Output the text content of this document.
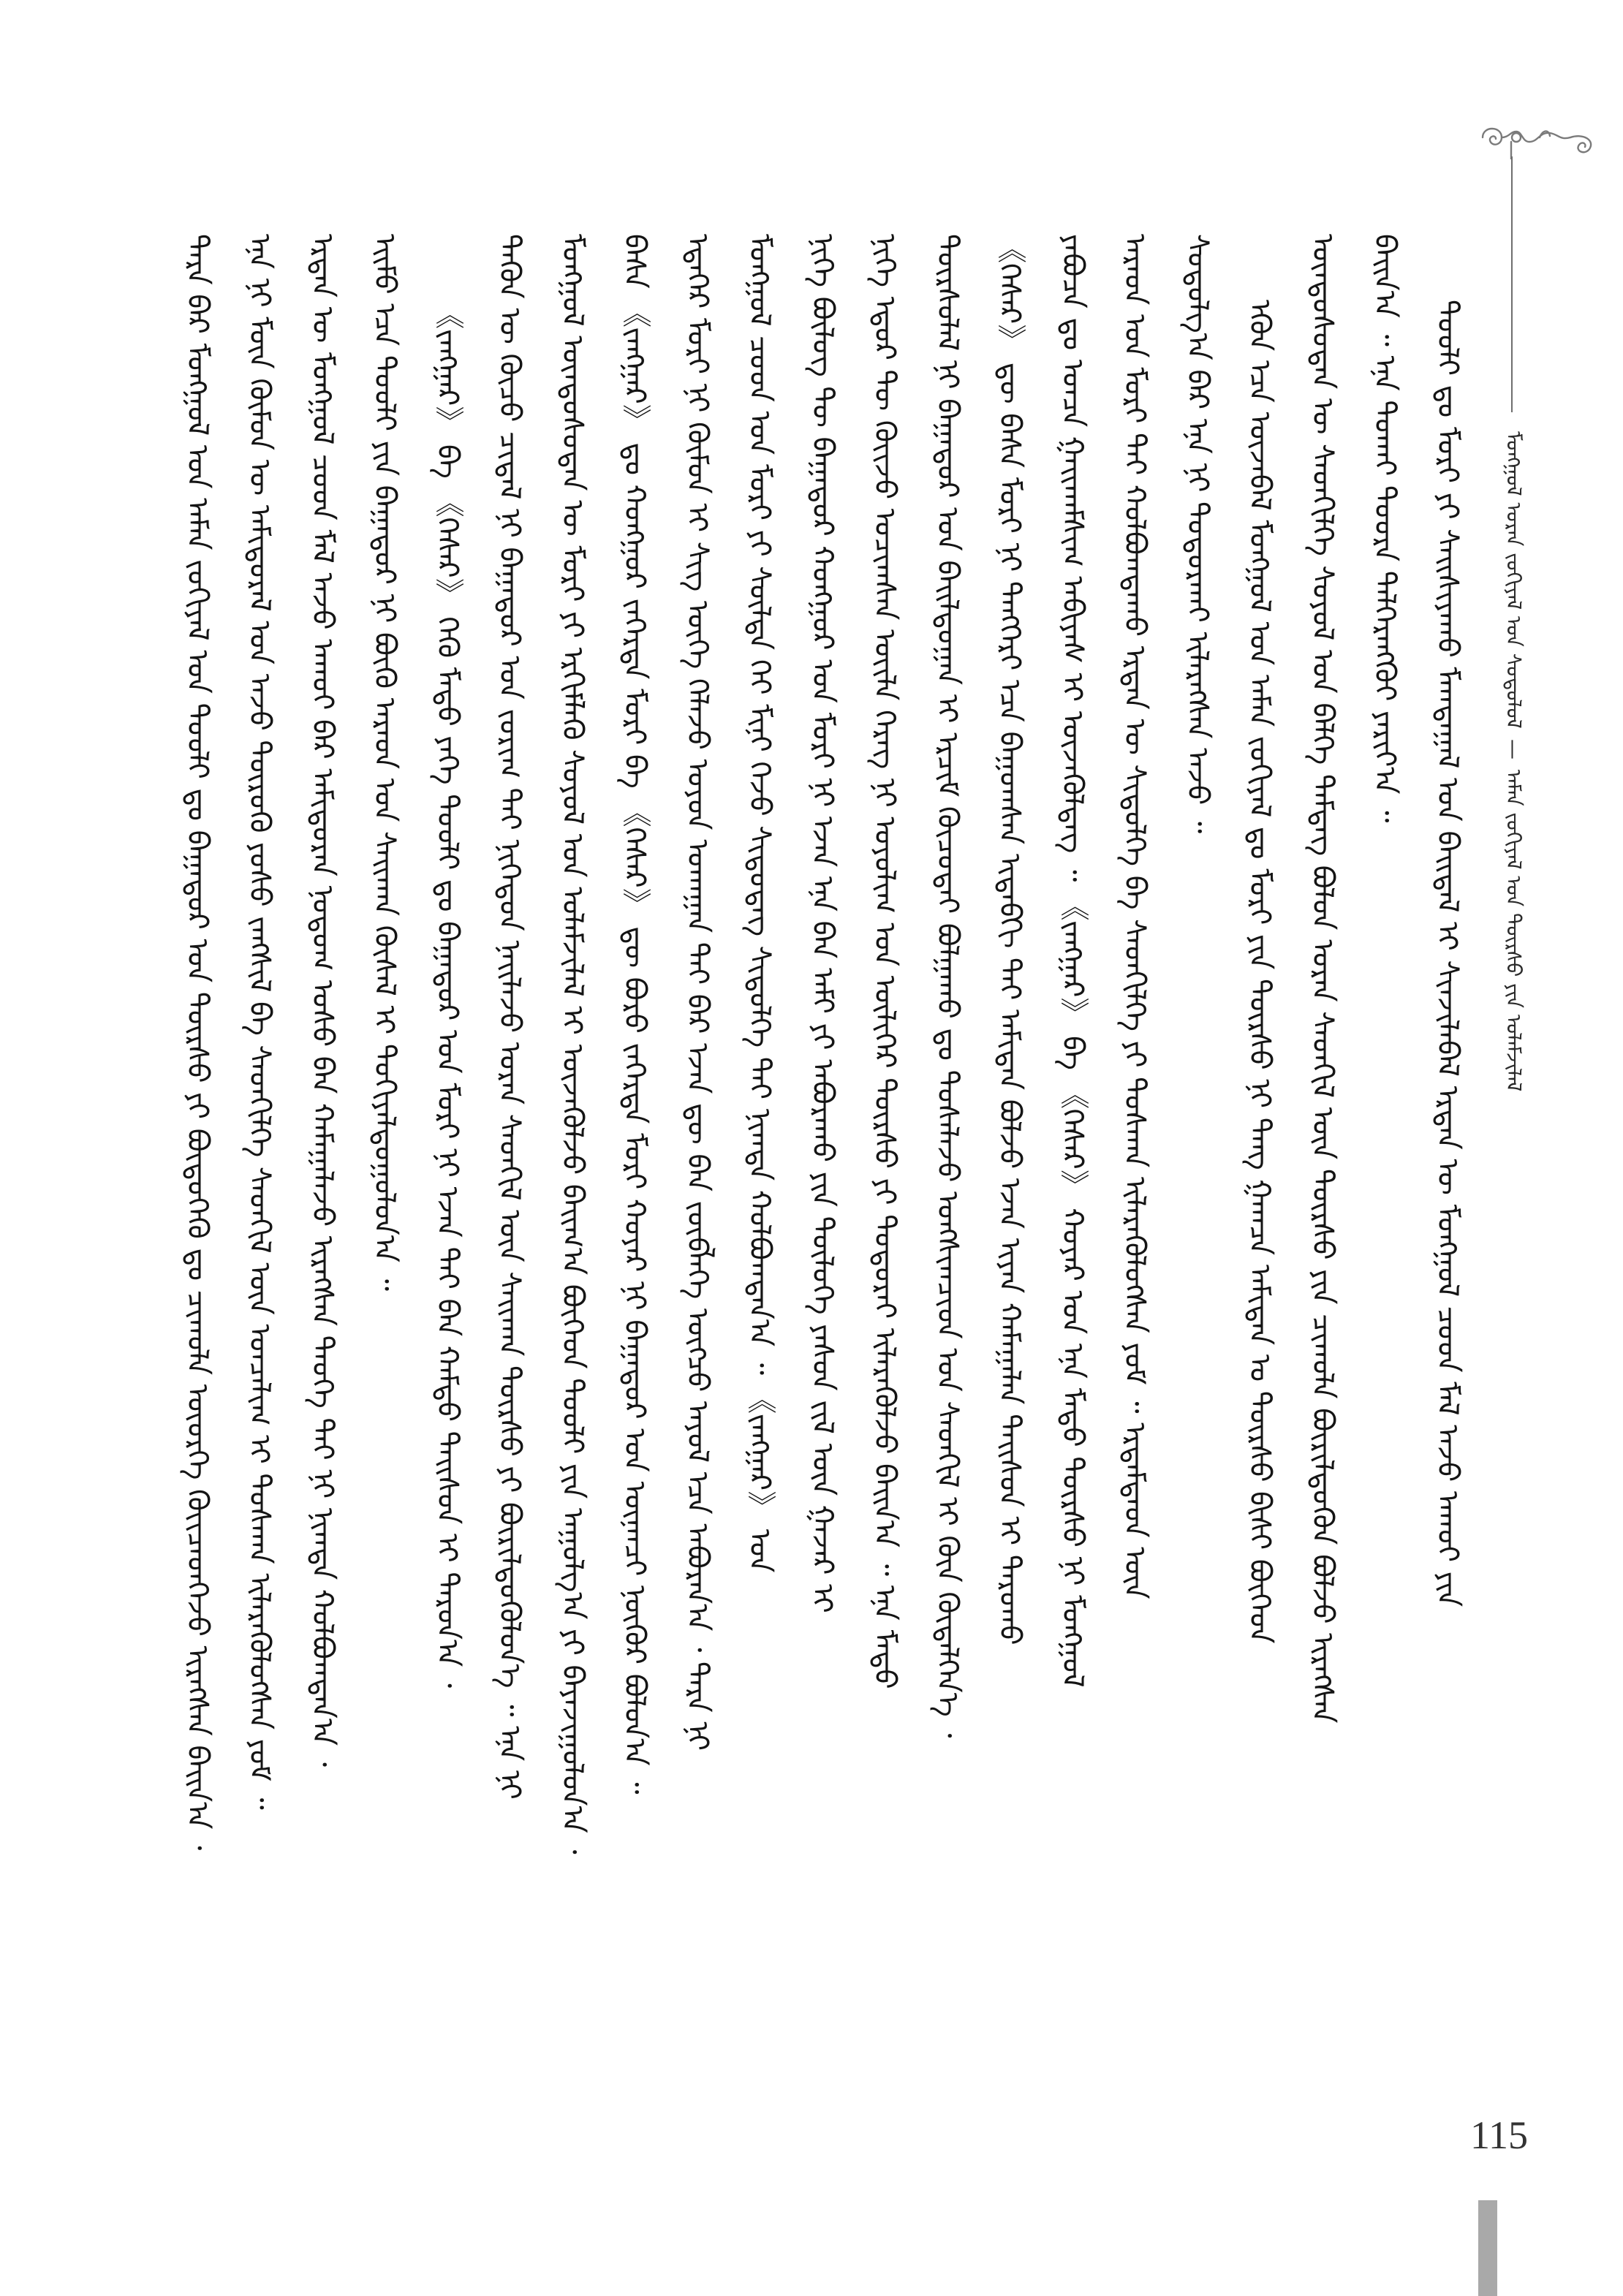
ᠮᠣᠩᠭᠣᠯ ᠤᠷᠠᠨ ᠵᠣᠬᠢᠶᠠᠯ ᠤᠨ ᠰᠤᠳᠤᠯᠤᠯ—ᠠᠮᠠᠨ ᠵᠣᠬᠢᠶᠠᠯ ᠤᠨ ᠳᠦᠷᠰᠦ ᠶᠢᠨ ᠤᠯᠠᠮᠵᠢᠯᠠᠯ
ᠲᠡᠷᠡ ᠪᠡᠷ ᠮᠣᠩᠭᠣᠯ ᠤᠨ ᠠᠮᠠᠨ ᠵᠣᠬᠢᠶᠠᠯ ᠤᠨ ᠲᠤᠤᠯᠢ ᠳᠤ ᠪᠠᠭᠠᠲᠤᠷ ᠤᠨ ᠳᠦᠷᠰᠦ ᠶᠢ ᠪᠦᠲᠦᠭᠡᠬᠦ ᠳᠤ ᠴᠢᠬᠤᠯᠠ ᠦᠦᠷᠭᠡ ᠭᠦᠢᠴᠡᠳᠬᠡᠵᠦ ᠢᠷᠡᠭᠰᠡᠨ ᠪᠠᠢᠨ᠎ᠠ ᠂ ᠡᠨᠡ ᠨᠢ ᠮᠦᠨ ᠬᠦᠮᠦᠨ ᠦ ᠠᠮᠢᠳᠤᠷᠠᠯ ᠤᠨ ᠠᠵᠤ ᠲᠦᠷᠦᠬᠦ ᠶᠣᠰᠣ ᠵᠠᠩᠱᠢᠯ ᠪᠠ ᠰᠡᠳᠬᠢᠯᠭᠡ ᠰᠡᠳᠬᠢᠯ ᠦᠨ ᠣᠨᠴᠠᠯᠢᠭ ᠢ ᠲᠤᠰᠬᠠᠨ ᠢᠯᠡᠷᠡᠭᠦᠯᠦᠭᠰᠡᠨ ᠶᠤᠮ ᠃ ᠡᠷᠲᠡᠨ ᠦ ᠮᠣᠩᠭᠣᠯ ᠴᠤᠳ ᠮᠠᠯ ᠠᠵᠤ ᠠᠬᠤᠢ ᠪᠡᠷ ᠠᠮᠢᠳᠤᠷᠠᠨ ᠨᠤᠲᠤᠭ ᠤᠰᠤ ᠪᠠᠨ ᠬᠠᠮᠠᠭᠠᠯᠠᠵᠤ ᠢᠷᠡᠭᠰᠡᠨ ᠲᠡᠦᠬᠡ ᠲᠠᠢ ᠨᠢ ᠨᠢᠭᠲᠠ ᠬᠣᠯᠪᠣᠭᠳᠠᠨ᠎ᠠ ᠂ ᠡᠢᠮᠦ ᠡᠴᠡ ᠲᠤᠤᠯᠢ ᠶᠢᠨ ᠪᠠᠭᠠᠲᠤᠷ ᠨᠢ ᠪᠦᠬᠦ ᠠᠷᠠᠳ ᠤᠨ ᠰᠠᠢᠬᠠᠨ ᠬᠦᠰᠡᠯ ᠢ ᠲᠤᠬᠢᠶᠠᠯᠳᠤᠭᠤᠯᠤᠨ᠎ᠠ ᠃ 《ᠵᠠᠩᠭᠠᠷ》 ᠪᠠ 《ᠭᠡᠰᠡᠷ》 ᠭᠡᠬᠦ ᠮᠡᠲᠦ ᠶᠡᠬᠡ ᠲᠤᠤᠯᠢ ᠳᠤ ᠪᠠᠭᠠᠲᠤᠷ ᠤᠨ ᠮᠣᠷᠢ ᠨᠢ ᠡᠵᠡᠨ ᠲᠡᠢ ᠪᠡᠨ ᠬᠠᠮᠲᠤ ᠳᠠᠢᠰᠤᠨ ᠢ ᠳᠠᠷᠤᠨ᠎ᠠ ᠂ ᠲᠡᠭᠦᠨ ᠦ ᠬᠦᠴᠦ ᠴᠢᠳᠠᠯ ᠨᠢ ᠪᠠᠭᠠᠲᠤᠷ ᠤᠨ ᠵᠣᠷᠢᠭ ᠲᠡᠢ ᠨᠢᠭᠡᠳᠦᠨ ᠨᠡᠢᠯᠡᠵᠦ ᠤᠷᠠᠨ ᠰᠡᠳᠬᠢᠯ ᠦᠨ ᠰᠠᠢᠬᠠᠨ ᠳᠦᠷᠰᠦ ᠶᠢ ᠪᠦᠷᠢᠯᠳᠦᠭᠦᠯᠦᠨ᠎ᠡ ᠃ ᠡᠨᠡ ᠨᠢ ᠮᠣᠩᠭᠣᠯ ᠦᠨᠳᠦᠰᠦᠲᠡᠨ ᠦ ᠮᠣᠷᠢ ᠶᠢ ᠡᠷᠬᠢᠮᠯᠡᠬᠦ ᠰᠣᠶᠣᠯ ᠤᠨ ᠤᠯᠠᠮᠵᠢᠯᠠᠯ ᠢ ᠦᠵᠡᠭᠦᠯᠵᠦ ᠪᠠᠢᠭ᠎ᠠ ᠪᠦᠭᠡᠳ ᠲᠤᠤᠯᠢ ᠶᠢᠨ ᠠᠭᠤᠯᠭ᠎ᠠ ᠶᠢ ᠪᠠᠶᠠᠵᠢᠭᠤᠯᠤᠨ᠎ᠠ ᠂ ᠪᠠᠰᠠ 《ᠵᠠᠩᠭᠠᠷ》 ᠳᠤ ᠬᠣᠩᠭᠤᠷ ᠵᠡᠭᠡᠷᠳᠡ ᠮᠣᠷᠢ ᠪᠠ 《ᠭᠡᠰᠡᠷ》 ᠳᠦ ᠪᠣᠷᠤ ᠵᠡᠭᠡᠷᠳᠡ ᠮᠣᠷᠢ ᠬᠣᠶᠠᠷ ᠨᠢ ᠪᠠᠭᠠᠲᠤᠷ ᠤᠨ ᠦᠨᠡᠨᠴᠢ ᠨᠥᠬᠦᠷ ᠪᠣᠯᠤᠨ᠎ᠠ ᠃ ᠡᠳᠡᠭᠡᠷ ᠮᠣᠷᠢ ᠨᠢ ᠬᠦᠮᠦᠨ ᠢ ᠰᠢᠭ ᠦᠭᠡ ᠬᠡᠯᠡᠵᠦ ᠤᠶᠤᠨ ᠤᠬᠠᠭᠠᠨ ᠲᠠᠢ ᠪᠡᠷ ᠡᠵᠡᠨ ᠳᠦ ᠪᠠᠨ ᠵᠥᠪᠯᠡᠭᠡ ᠥᠭᠴᠦ ᠠᠶᠤᠯ ᠡᠴᠡ ᠠᠪᠤᠷᠠᠨ᠎ᠠ ᠂ ᠲᠡᠷᠡ ᠨᠢ ᠮᠣᠩᠭᠣᠯ ᠴᠤᠳ ᠤᠨ ᠮᠣᠷᠢ ᠶᠢ ᠰᠦᠯᠳᠡ ᠬᠡᠢ ᠮᠢᠨᠢ ᠭᠡᠵᠦ ᠰᠢᠲᠦᠳᠡᠭ ᠰᠢᠲᠦᠯᠭᠡ ᠲᠡᠢ ᠨᠢᠭᠲᠠ ᠬᠣᠯᠪᠣᠭᠳᠠᠨ᠎ᠠ ᠃ 《ᠵᠠᠩᠭᠠᠷ》 ᠤᠨ ᠨᠢᠭᠡ ᠪᠦᠯᠦᠭ ᠲᠦ ᠪᠠᠭᠠᠲᠤᠷ ᠬᠣᠩᠭᠤᠷ ᠤᠨ ᠮᠣᠷᠢ ᠨᠢ ᠡᠵᠡᠨ ᠡᠨᠡ ᠪᠡᠨ ᠠᠮᠢ ᠶᠢ ᠠᠪᠤᠷᠠᠬᠤ ᠶᠢᠨ ᠲᠥᠯᠦᠭᠡ ᠶᠡᠰᠦᠨ ᠵᠢᠯ ᠦᠨ ᠭᠠᠵᠠᠷ ᠢ ᠨᠢᠭᠡ ᠡᠳᠦᠷ ᠲᠦ ᠭᠦᠢᠵᠦ ᠣᠴᠢᠭᠰᠠᠨ ᠦᠢᠯᠡ ᠬᠡᠷᠡᠭ ᠨᠢ ᠤᠶᠤᠯᠢᠭ ᠤᠨ ᠦᠯᠢᠭᠡᠷ ᠳᠦᠷᠰᠦ ᠶᠢ ᠲᠣᠳᠣᠷᠠᠢ ᠢᠯᠡᠷᠡᠭᠦᠯᠵᠦ ᠪᠠᠢᠨ᠎ᠠ ᠃ ᠡᠨᠡ ᠮᠡᠲᠦ ᠳᠦᠷᠰᠦᠯᠡᠯ ᠨᠢ ᠪᠠᠭᠠᠲᠤᠷ ᠤᠨ ᠪᠠᠢᠯᠳᠤᠭᠠᠨ ᠢ ᠡᠷᠴᠢᠮ ᠬᠦᠴᠦᠲᠡᠢ ᠪᠣᠯᠭᠠᠬᠤ ᠳᠤ ᠲᠤᠰᠠᠯᠠᠵᠤ ᠤᠩᠰᠢᠭᠴᠢᠳ ᠤᠨ ᠰᠡᠳᠬᠢᠯ ᠢ ᠭᠦᠨ ᠬᠥᠳᠡᠯᠭᠡᠨ᠎ᠡ ᠂ 《ᠭᠡᠰᠡᠷ》 ᠳᠦ ᠪᠠᠰᠠ ᠮᠣᠷᠢ ᠨᠢ ᠲᠡᠩᠭᠡᠷᠢ ᠡᠴᠡ ᠪᠠᠭᠤᠭᠰᠠᠨ ᠢᠳᠡᠪᠬᠢ ᠲᠡᠢ ᠠᠮᠢᠲᠠᠨ ᠪᠣᠯᠵᠤ ᠡᠵᠡᠨ ᠢᠶᠡᠨ ᠬᠠᠮᠠᠭᠠᠯᠠᠨ ᠳᠠᠢᠰᠤᠨ ᠢ ᠳᠠᠷᠤᠬᠤ ᠶᠠᠪᠤᠴᠠ ᠳᠤ ᠣᠨᠴᠠ ᠭᠠᠢᠬᠠᠮᠰᠢᠭ ᠠᠪᠢᠶᠠᠰ ᠢ ᠦᠵᠡᠭᠦᠯᠳᠡᠭ ᠃ 《ᠵᠠᠩᠭᠠᠷ》 ᠪᠠ 《ᠭᠡᠰᠡᠷ》 ᠬᠣᠶᠠᠷ ᠤᠨ ᠡᠨᠡ ᠮᠡᠲᠦ ᠳᠦᠷᠰᠦ ᠨᠢ ᠮᠣᠩᠭᠣᠯ ᠠᠷᠠᠳ ᠤᠨ ᠮᠣᠷᠢ ᠲᠠᠢ ᠬᠣᠯᠪᠣᠭᠳᠠᠬᠤ ᠡᠷᠲᠡᠨ ᠦ ᠰᠢᠲᠦᠯᠭᠡ ᠪᠠ ᠰᠡᠳᠬᠢᠯᠭᠡ ᠶᠢ ᠲᠤᠰᠬᠠᠨ ᠢᠯᠡᠷᠡᠭᠦᠯᠦᠭᠰᠡᠨ ᠶᠤᠮ ᠃ ᠡᠷᠳᠡᠮᠲᠡᠳ ᠦᠨ ᠰᠤᠳᠤᠯᠭ᠎ᠠ ᠪᠠᠷ ᠡᠨᠡ ᠨᠢ ᠲᠣᠳᠣᠷᠬᠠᠢ ᠢᠯᠡᠷᠡᠭᠰᠡᠨ ᠠᠵᠤ ᠃ ᠡᠭᠦᠨ ᠡᠴᠡ ᠦᠵᠡᠪᠡᠯ ᠮᠣᠩᠭᠣᠯ ᠤᠨ ᠠᠮᠠᠨ ᠵᠣᠬᠢᠶᠠᠯ ᠳᠤ ᠮᠣᠷᠢ ᠶᠢᠨ ᠳᠦᠷᠰᠦ ᠨᠢ ᠳᠠᠩ ᠭᠠᠭᠴᠠ ᠠᠮᠢᠲᠠᠨ ᠤ ᠳᠦᠷᠰᠦ ᠪᠢᠰᠢ ᠪᠦᠭᠡᠳ ᠦᠨᠳᠦᠰᠦᠲᠡᠨ ᠦ ᠰᠡᠳᠬᠢᠯᠭᠡ ᠰᠣᠶᠣᠯ ᠤᠨ ᠪᠡᠯᠭᠡ ᠲᠡᠮᠳᠡᠭ ᠪᠣᠯᠤᠨ ᠤᠷᠠᠨ ᠰᠡᠳᠬᠢᠯ ᠦᠨ ᠳᠦᠷᠰᠦ ᠶᠢᠨ ᠴᠢᠬᠤᠯᠠ ᠪᠦᠷᠢᠯᠳᠦᠬᠦᠨ ᠪᠣᠯᠵᠤ ᠢᠷᠡᠭᠰᠡᠨ ᠪᠠᠢᠨ᠎ᠠ ᠃ ᠡᠨᠡ ᠲᠤᠬᠠᠢ ᠳᠣᠣᠷᠠ ᠳᠡᠯᠭᠡᠷᠡᠩᠭᠦᠢ ᠶᠠᠷᠢᠶ᠎ᠠ ᠃ ᠲᠤᠤᠯᠢ ᠳᠤ ᠮᠣᠷᠢ ᠶᠢ ᠰᠠᠢᠰᠢᠶᠠᠬᠤ ᠮᠠᠭᠲᠠᠭᠠᠯ ᠤᠨ ᠪᠠᠢᠳᠠᠯ ᠢ ᠰᠢᠨᠵᠢᠯᠡᠪᠡᠯ ᠡᠷᠲᠡᠨ ᠦ ᠮᠣᠩᠭᠣᠯ ᠴᠤᠳ ᠮᠠᠯ ᠠᠵᠤ ᠠᠬᠤᠢ ᠶᠢᠨ
115
